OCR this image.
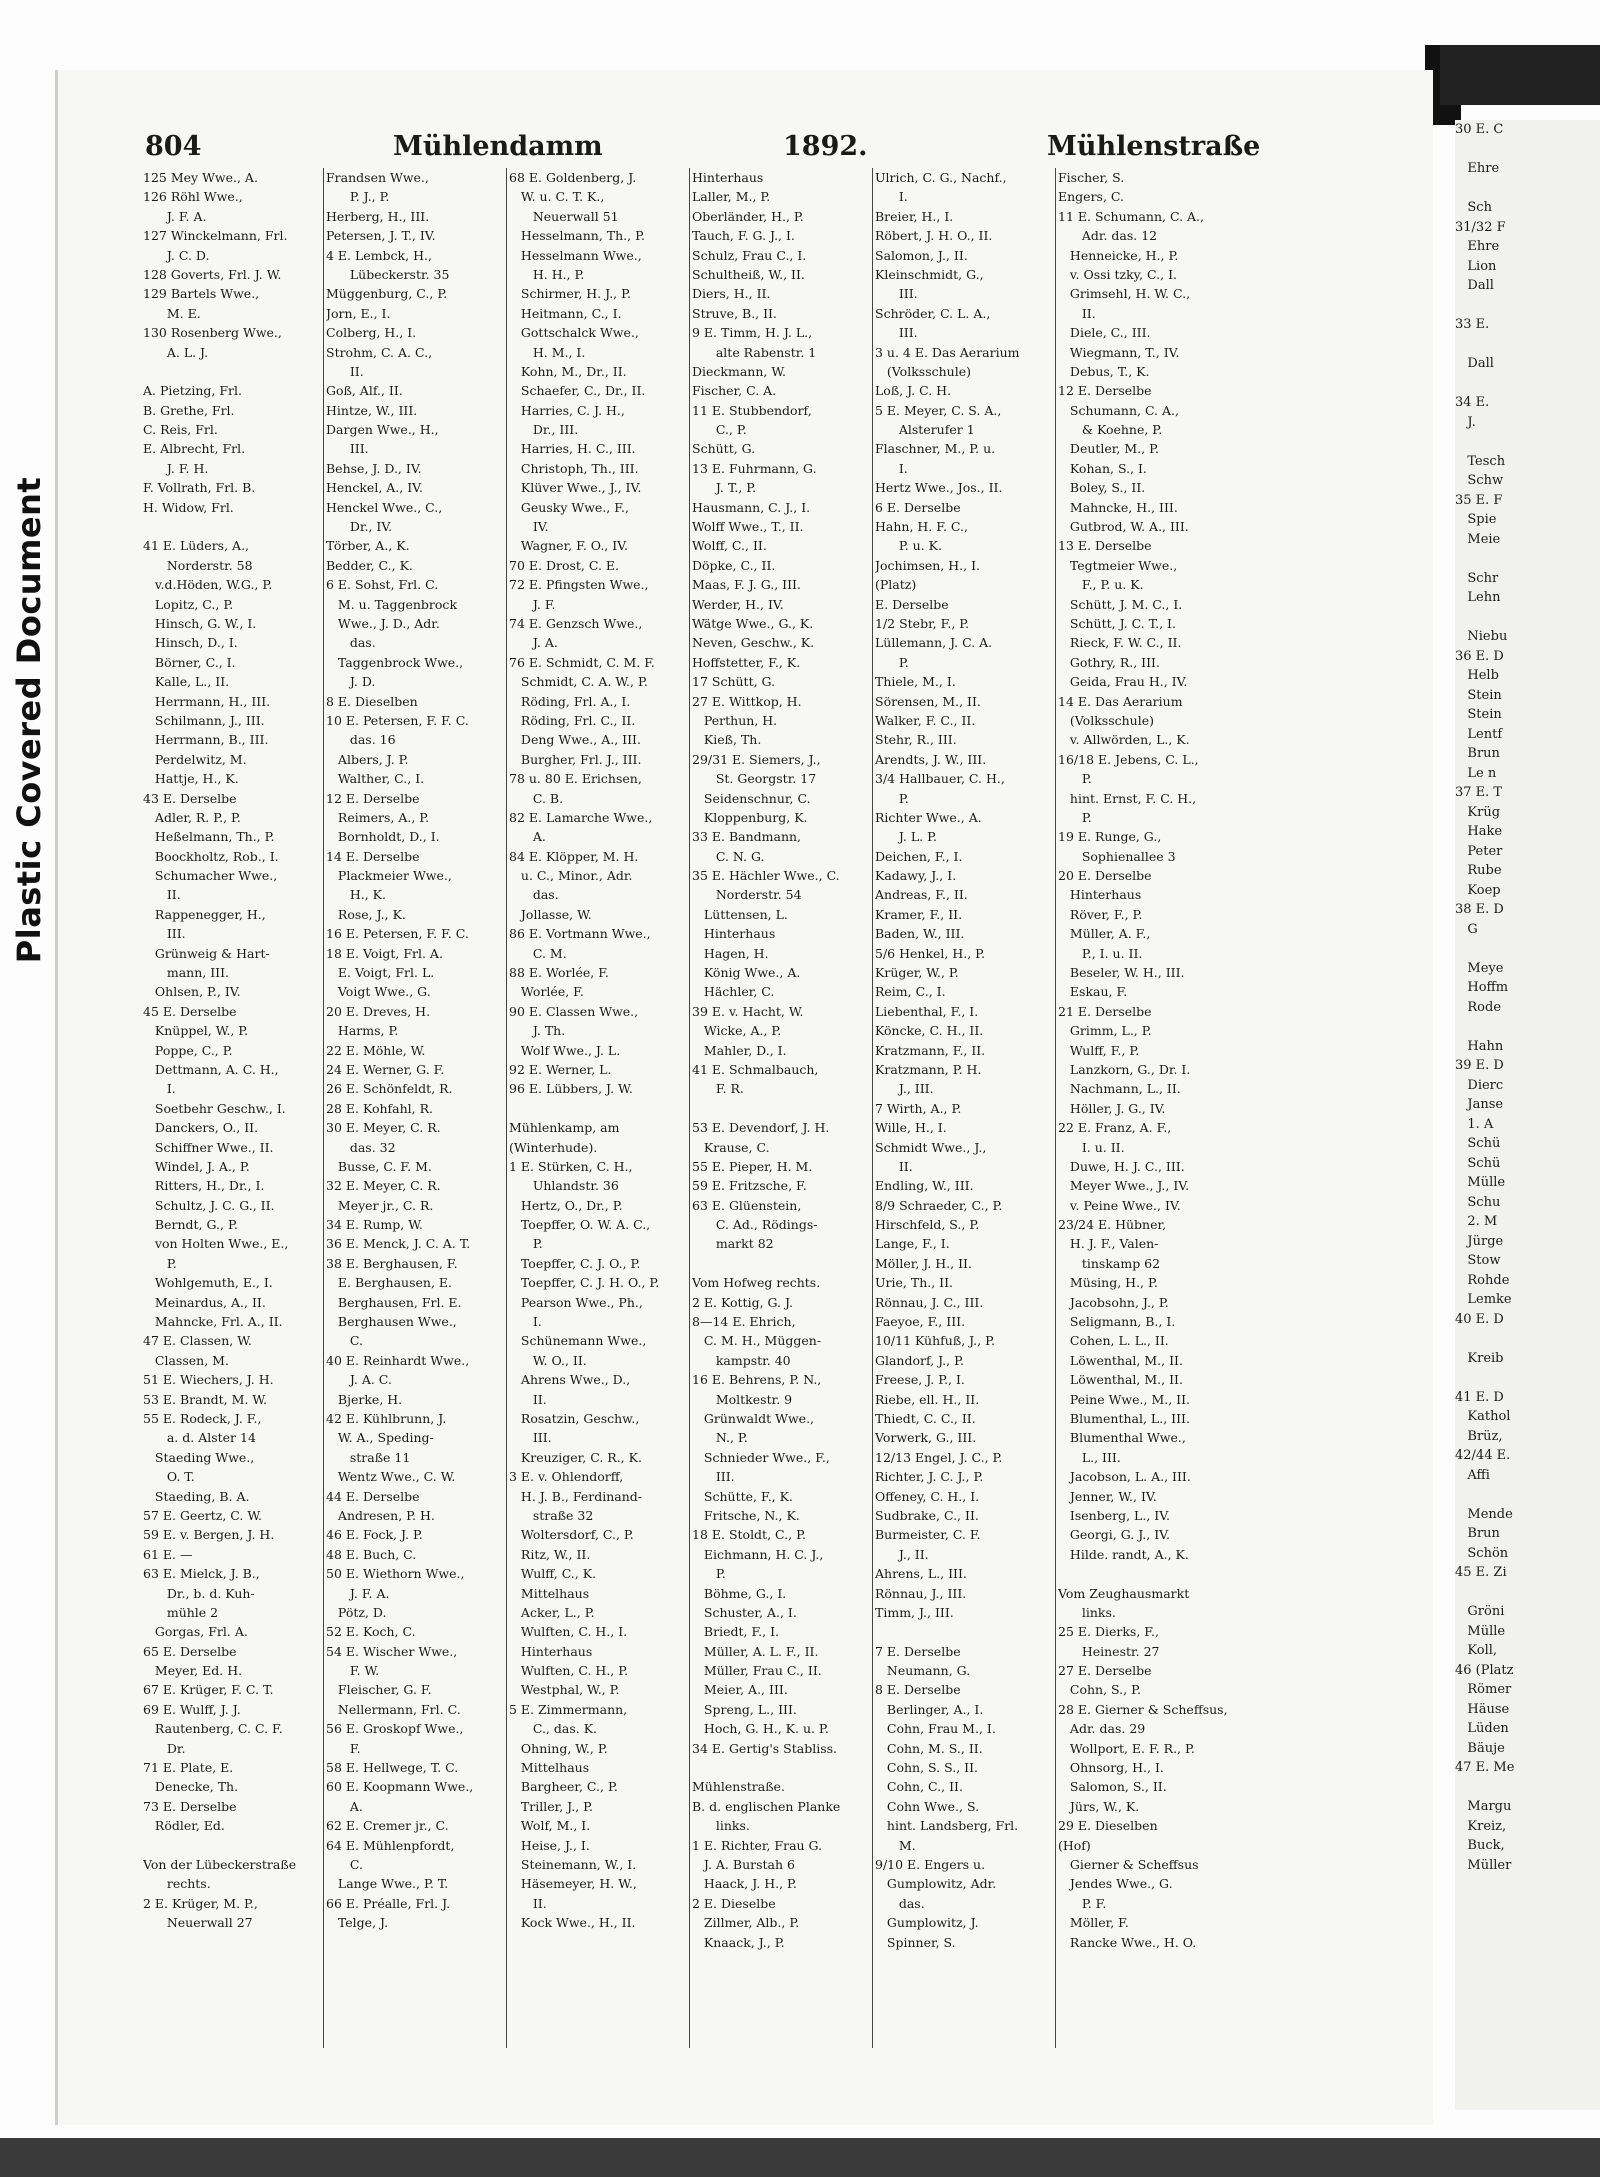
Plastic Covered Document
804	Mühlendamm	1892.	Mühlenstraße
125 Mey Wwe., A.
126 Röhl Wwe.,
J. F. A.
127 Winckelmann, Frl.
J. C. D.
128 Goverts, Frl. J. W.
129 Bartels Wwe.,
M. E.
130 Rosenberg Wwe.,
A. L. J.
A. Pietzing, Frl.
B. Grethe, Frl.
C. Reis, Frl.
E. Albrecht, Frl.
J. F. H.
F. Vollrath, Frl. B.
H. Widow, Frl.
41 E. Lüders, A.,
Norderstr. 58
v.d.Höden, W.G., P.
Lopitz, C., P.
Hinsch, G. W., I.
Hinsch, D., I.
Börner, C., I.
Kalle, L., II.
Herrmann, H., III.
Schilmann, J., III.
Herrmann, B., III.
Perdelwitz, M.
Hattje, H., K.
43 E. Derselbe
Adler, R. P., P.
Heßelmann, Th., P.
Boockholtz, Rob., I.
Schumacher Wwe.,
II.
Rappenegger, H.,
III.
Grünweig & Hart-
mann, III.
Ohlsen, P., IV.
45 E. Derselbe
Knüppel, W., P.
Poppe, C., P.
Dettmann, A. C. H.,
I.
Soetbehr Geschw., I.
Danckers, O., II.
Schiffner Wwe., II.
Windel, J. A., P.
Ritters, H., Dr., I.
Schultz, J. C. G., II.
Berndt, G., P.
von Holten Wwe., E.,
P.
Wohlgemuth, E., I.
Meinardus, A., II.
Mahncke, Frl. A., II.
47 E. Classen, W.
Classen, M.
51 E. Wiechers, J. H.
53 E. Brandt, M. W.
55 E. Rodeck, J. F.,
a. d. Alster 14
Staeding Wwe.,
O. T.
Staeding, B. A.
57 E. Geertz, C. W.
59 E. v. Bergen, J. H.
61 E. —
63 E. Mielck, J. B.,
Dr., b. d. Kuh-
mühle 2
Gorgas, Frl. A.
65 E. Derselbe
Meyer, Ed. H.
67 E. Krüger, F. C. T.
69 E. Wulff, J. J.
Rautenberg, C. C. F.
Dr.
71 E. Plate, E.
Denecke, Th.
73 E. Derselbe
Rödler, Ed.
Von der Lübeckerstraße
rechts.
2 E. Krüger, M. P.,
Neuerwall 27
Frandsen Wwe.,
P. J., P.
Herberg, H., III.
Petersen, J. T., IV.
4 E. Lembck, H.,
Lübeckerstr. 35
Müggenburg, C., P.
Jorn, E., I.
Colberg, H., I.
Strohm, C. A. C.,
II.
Goß, Alf., II.
Hintze, W., III.
Dargen Wwe., H.,
III.
Behse, J. D., IV.
Henckel, A., IV.
Henckel Wwe., C.,
Dr., IV.
Törber, A., K.
Bedder, C., K.
6 E. Sohst, Frl. C.
M. u. Taggenbrock
Wwe., J. D., Adr.
das.
Taggenbrock Wwe.,
J. D.
8 E. Dieselben
10 E. Petersen, F. F. C.
das. 16
Albers, J. P.
Walther, C., I.
12 E. Derselbe
Reimers, A., P.
Bornholdt, D., I.
14 E. Derselbe
Plackmeier Wwe.,
H., K.
Rose, J., K.
16 E. Petersen, F. F. C.
18 E. Voigt, Frl. A.
E. Voigt, Frl. L.
Voigt Wwe., G.
20 E. Dreves, H.
Harms, P.
22 E. Möhle, W.
24 E. Werner, G. F.
26 E. Schönfeldt, R.
28 E. Kohfahl, R.
30 E. Meyer, C. R.
das. 32
Busse, C. F. M.
32 E. Meyer, C. R.
Meyer jr., C. R.
34 E. Rump, W.
36 E. Menck, J. C. A. T.
38 E. Berghausen, F.
E. Berghausen, E.
Berghausen, Frl. E.
Berghausen Wwe.,
C.
40 E. Reinhardt Wwe.,
J. A. C.
Bjerke, H.
42 E. Kühlbrunn, J.
W. A., Speding-
straße 11
Wentz Wwe., C. W.
44 E. Derselbe
Andresen, P. H.
46 E. Fock, J. P.
48 E. Buch, C.
50 E. Wiethorn Wwe.,
J. F. A.
Pötz, D.
52 E. Koch, C.
54 E. Wischer Wwe.,
F. W.
Fleischer, G. F.
Nellermann, Frl. C.
56 E. Groskopf Wwe.,
F.
58 E. Hellwege, T. C.
60 E. Koopmann Wwe.,
A.
62 E. Cremer jr., C.
64 E. Mühlenpfordt,
C.
Lange Wwe., P. T.
66 E. Préalle, Frl. J.
Telge, J.
68 E. Goldenberg, J.
W. u. C. T. K.,
Neuerwall 51
Hesselmann, Th., P.
Hesselmann Wwe.,
H. H., P.
Schirmer, H. J., P.
Heitmann, C., I.
Gottschalck Wwe.,
H. M., I.
Kohn, M., Dr., II.
Schaefer, C., Dr., II.
Harries, C. J. H.,
Dr., III.
Harries, H. C., III.
Christoph, Th., III.
Klüver Wwe., J., IV.
Geusky Wwe., F.,
IV.
Wagner, F. O., IV.
70 E. Drost, C. E.
72 E. Pfingsten Wwe.,
J. F.
74 E. Genzsch Wwe.,
J. A.
76 E. Schmidt, C. M. F.
Schmidt, C. A. W., P.
Röding, Frl. A., I.
Röding, Frl. C., II.
Deng Wwe., A., III.
Burgher, Frl. J., III.
78 u. 80 E. Erichsen,
C. B.
82 E. Lamarche Wwe.,
A.
84 E. Klöpper, M. H.
u. C., Minor., Adr.
das.
Jollasse, W.
86 E. Vortmann Wwe.,
C. M.
88 E. Worlée, F.
Worlée, F.
90 E. Classen Wwe.,
J. Th.
Wolf Wwe., J. L.
92 E. Werner, L.
96 E. Lübbers, J. W.
Mühlenkamp, am
(Winterhude).
1 E. Stürken, C. H.,
Uhlandstr. 36
Hertz, O., Dr., P.
Toepffer, O. W. A. C.,
P.
Toepffer, C. J. O., P.
Toepffer, C. J. H. O., P.
Pearson Wwe., Ph.,
I.
Schünemann Wwe.,
W. O., II.
Ahrens Wwe., D.,
II.
Rosatzin, Geschw.,
III.
Kreuziger, C. R., K.
3 E. v. Ohlendorff,
H. J. B., Ferdinand-
straße 32
Woltersdorf, C., P.
Ritz, W., II.
Wulff, C., K.
Mittelhaus
Acker, L., P.
Wulften, C. H., I.
Hinterhaus
Wulften, C. H., P.
Westphal, W., P.
5 E. Zimmermann,
C., das. K.
Ohning, W., P.
Mittelhaus
Bargheer, C., P.
Triller, J., P.
Wolf, M., I.
Heise, J., I.
Steinemann, W., I.
Häsemeyer, H. W.,
II.
Kock Wwe., H., II.
Hinterhaus
Laller, M., P.
Oberländer, H., P.
Tauch, F. G. J., I.
Schulz, Frau C., I.
Schultheiß, W., II.
Diers, H., II.
Struve, B., II.
9 E. Timm, H. J. L.,
alte Rabenstr. 1
Dieckmann, W.
Fischer, C. A.
11 E. Stubbendorf,
C., P.
Schütt, G.
13 E. Fuhrmann, G.
J. T., P.
Hausmann, C. J., I.
Wolff Wwe., T., II.
Wolff, C., II.
Döpke, C., II.
Maas, F. J. G., III.
Werder, H., IV.
Wätge Wwe., G., K.
Neven, Geschw., K.
Hoffstetter, F., K.
17 Schütt, G.
27 E. Wittkop, H.
Perthun, H.
Kieß, Th.
29/31 E. Siemers, J.,
St. Georgstr. 17
Seidenschnur, C.
Kloppenburg, K.
33 E. Bandmann,
C. N. G.
35 E. Hächler Wwe., C.
Norderstr. 54
Lüttensen, L.
Hinterhaus
Hagen, H.
König Wwe., A.
Hächler, C.
39 E. v. Hacht, W.
Wicke, A., P.
Mahler, D., I.
41 E. Schmalbauch,
F. R.
53 E. Devendorf, J. H.
Krause, C.
55 E. Pieper, H. M.
59 E. Fritzsche, F.
63 E. Glüenstein,
C. Ad., Rödings-
markt 82
Vom Hofweg rechts.
2 E. Kottig, G. J.
8—14 E. Ehrich,
C. M. H., Müggen-
kampstr. 40
16 E. Behrens, P. N.,
Moltkestr. 9
Grünwaldt Wwe.,
N., P.
Schnieder Wwe., F.,
III.
Schütte, F., K.
Fritsche, N., K.
18 E. Stoldt, C., P.
Eichmann, H. C. J.,
P.
Böhme, G., I.
Schuster, A., I.
Briedt, F., I.
Müller, A. L. F., II.
Müller, Frau C., II.
Meier, A., III.
Spreng, L., III.
Hoch, G. H., K. u. P.
34 E. Gertig's Stabliss.
Mühlenstraße.
B. d. englischen Planke
links.
1 E. Richter, Frau G.
J. A. Burstah 6
Haack, J. H., P.
2 E. Dieselbe
Zillmer, Alb., P.
Knaack, J., P.
Ulrich, C. G., Nachf.,
I.
Breier, H., I.
Röbert, J. H. O., II.
Salomon, J., II.
Kleinschmidt, G.,
III.
Schröder, C. L. A.,
III.
3 u. 4 E. Das Aerarium
(Volksschule)
Loß, J. C. H.
5 E. Meyer, C. S. A.,
Alsterufer 1
Flaschner, M., P. u.
I.
Hertz Wwe., Jos., II.
6 E. Derselbe
Hahn, H. F. C.,
P. u. K.
Jochimsen, H., I.
(Platz)
E. Derselbe
1/2 Stebr, F., P.
Lüllemann, J. C. A.
P.
Thiele, M., I.
Sörensen, M., II.
Walker, F. C., II.
Stehr, R., III.
Arendts, J. W., III.
3/4 Hallbauer, C. H.,
P.
Richter Wwe., A.
J. L. P.
Deichen, F., I.
Kadawy, J., I.
Andreas, F., II.
Kramer, F., II.
Baden, W., III.
5/6 Henkel, H., P.
Krüger, W., P.
Reim, C., I.
Liebenthal, F., I.
Köncke, C. H., II.
Kratzmann, F., II.
Kratzmann, P. H.
J., III.
7 Wirth, A., P.
Wille, H., I.
Schmidt Wwe., J.,
II.
Endling, W., III.
8/9 Schraeder, C., P.
Hirschfeld, S., P.
Lange, F., I.
Möller, J. H., II.
Urie, Th., II.
Rönnau, J. C., III.
Faeyoe, F., III.
10/11 Kühfuß, J., P.
Glandorf, J., P.
Freese, J. P., I.
Riebe, ell. H., II.
Thiedt, C. C., II.
Vorwerk, G., III.
12/13 Engel, J. C., P.
Richter, J. C. J., P.
Offeney, C. H., I.
Sudbrake, C., II.
Burmeister, C. F.
J., II.
Ahrens, L., III.
Rönnau, J., III.
Timm, J., III.
7 E. Derselbe
Neumann, G.
8 E. Derselbe
Berlinger, A., I.
Cohn, Frau M., I.
Cohn, M. S., II.
Cohn, S. S., II.
Cohn, C., II.
Cohn Wwe., S.
hint. Landsberg, Frl.
M.
9/10 E. Engers u.
Gumplowitz, Adr.
das.
Gumplowitz, J.
Spinner, S.
Fischer, S.
Engers, C.
11 E. Schumann, C. A.,
Adr. das. 12
Henneicke, H., P.
v. Ossi tzky, C., I.
Grimsehl, H. W. C.,
II.
Diele, C., III.
Wiegmann, T., IV.
Debus, T., K.
12 E. Derselbe
Schumann, C. A.,
& Koehne, P.
Deutler, M., P.
Kohan, S., I.
Boley, S., II.
Mahncke, H., III.
Gutbrod, W. A., III.
13 E. Derselbe
Tegtmeier Wwe.,
F., P. u. K.
Schütt, J. M. C., I.
Schütt, J. C. T., I.
Rieck, F. W. C., II.
Gothry, R., III.
Geida, Frau H., IV.
14 E. Das Aerarium
(Volksschule)
v. Allwörden, L., K.
16/18 E. Jebens, C. L.,
P.
hint. Ernst, F. C. H.,
P.
19 E. Runge, G.,
Sophienallee 3
20 E. Derselbe
Hinterhaus
Röver, F., P.
Müller, A. F.,
P., I. u. II.
Beseler, W. H., III.
Eskau, F.
21 E. Derselbe
Grimm, L., P.
Wulff, F., P.
Lanzkorn, G., Dr. I.
Nachmann, L., II.
Höller, J. G., IV.
22 E. Franz, A. F.,
I. u. II.
Duwe, H. J. C., III.
Meyer Wwe., J., IV.
v. Peine Wwe., IV.
23/24 E. Hübner,
H. J. F., Valen-
tinskamp 62
Müsing, H., P.
Jacobsohn, J., P.
Seligmann, B., I.
Cohen, L. L., II.
Löwenthal, M., II.
Löwenthal, M., II.
Peine Wwe., M., II.
Blumenthal, L., III.
Blumenthal Wwe.,
L., III.
Jacobson, L. A., III.
Jenner, W., IV.
Isenberg, L., IV.
Georgi, G. J., IV.
Hilde. randt, A., K.
Vom Zeughausmarkt
links.
25 E. Dierks, F.,
Heinestr. 27
27 E. Derselbe
Cohn, S., P.
28 E. Gierner & Scheffsus,
Adr. das. 29
Wollport, E. F. R., P.
Ohnsorg, H., I.
Salomon, S., II.
Jürs, W., K.
29 E. Dieselben
(Hof)
Gierner & Scheffsus
Jendes Wwe., G.
P. F.
Möller, F.
Rancke Wwe., H. O.
30 E. C
Ehre
Sch
31/32 F
Ehre
Lion
Dall
33 E.
Dall
34 E.
J.
Tesch
Schw
35 E. F
Spie
Meie
Schr
Lehn
Niebu
36 E. D
Helb
Stein
Stein
Lentf
Brun
Le n
37 E. T
Krüg
Hake
Peter
Rube
Koep
38 E. D
G
Meye
Hoffm
Rode
Hahn
39 E. D
Dierc
Janse
1. A
Schü
Schü
Mülle
Schu
2. M
Jürge
Stow
Rohde
Lemke
40 E. D
Kreib
41 E. D
Kathol
Brüz,
42/44 E.
Affi
Mende
Brun
Schön
45 E. Zi
Gröni
Mülle
Koll,
46 (Platz
Römer
Häuse
Lüden
Bäuje
47 E. Me
Margu
Kreiz,
Buck,
Müller
